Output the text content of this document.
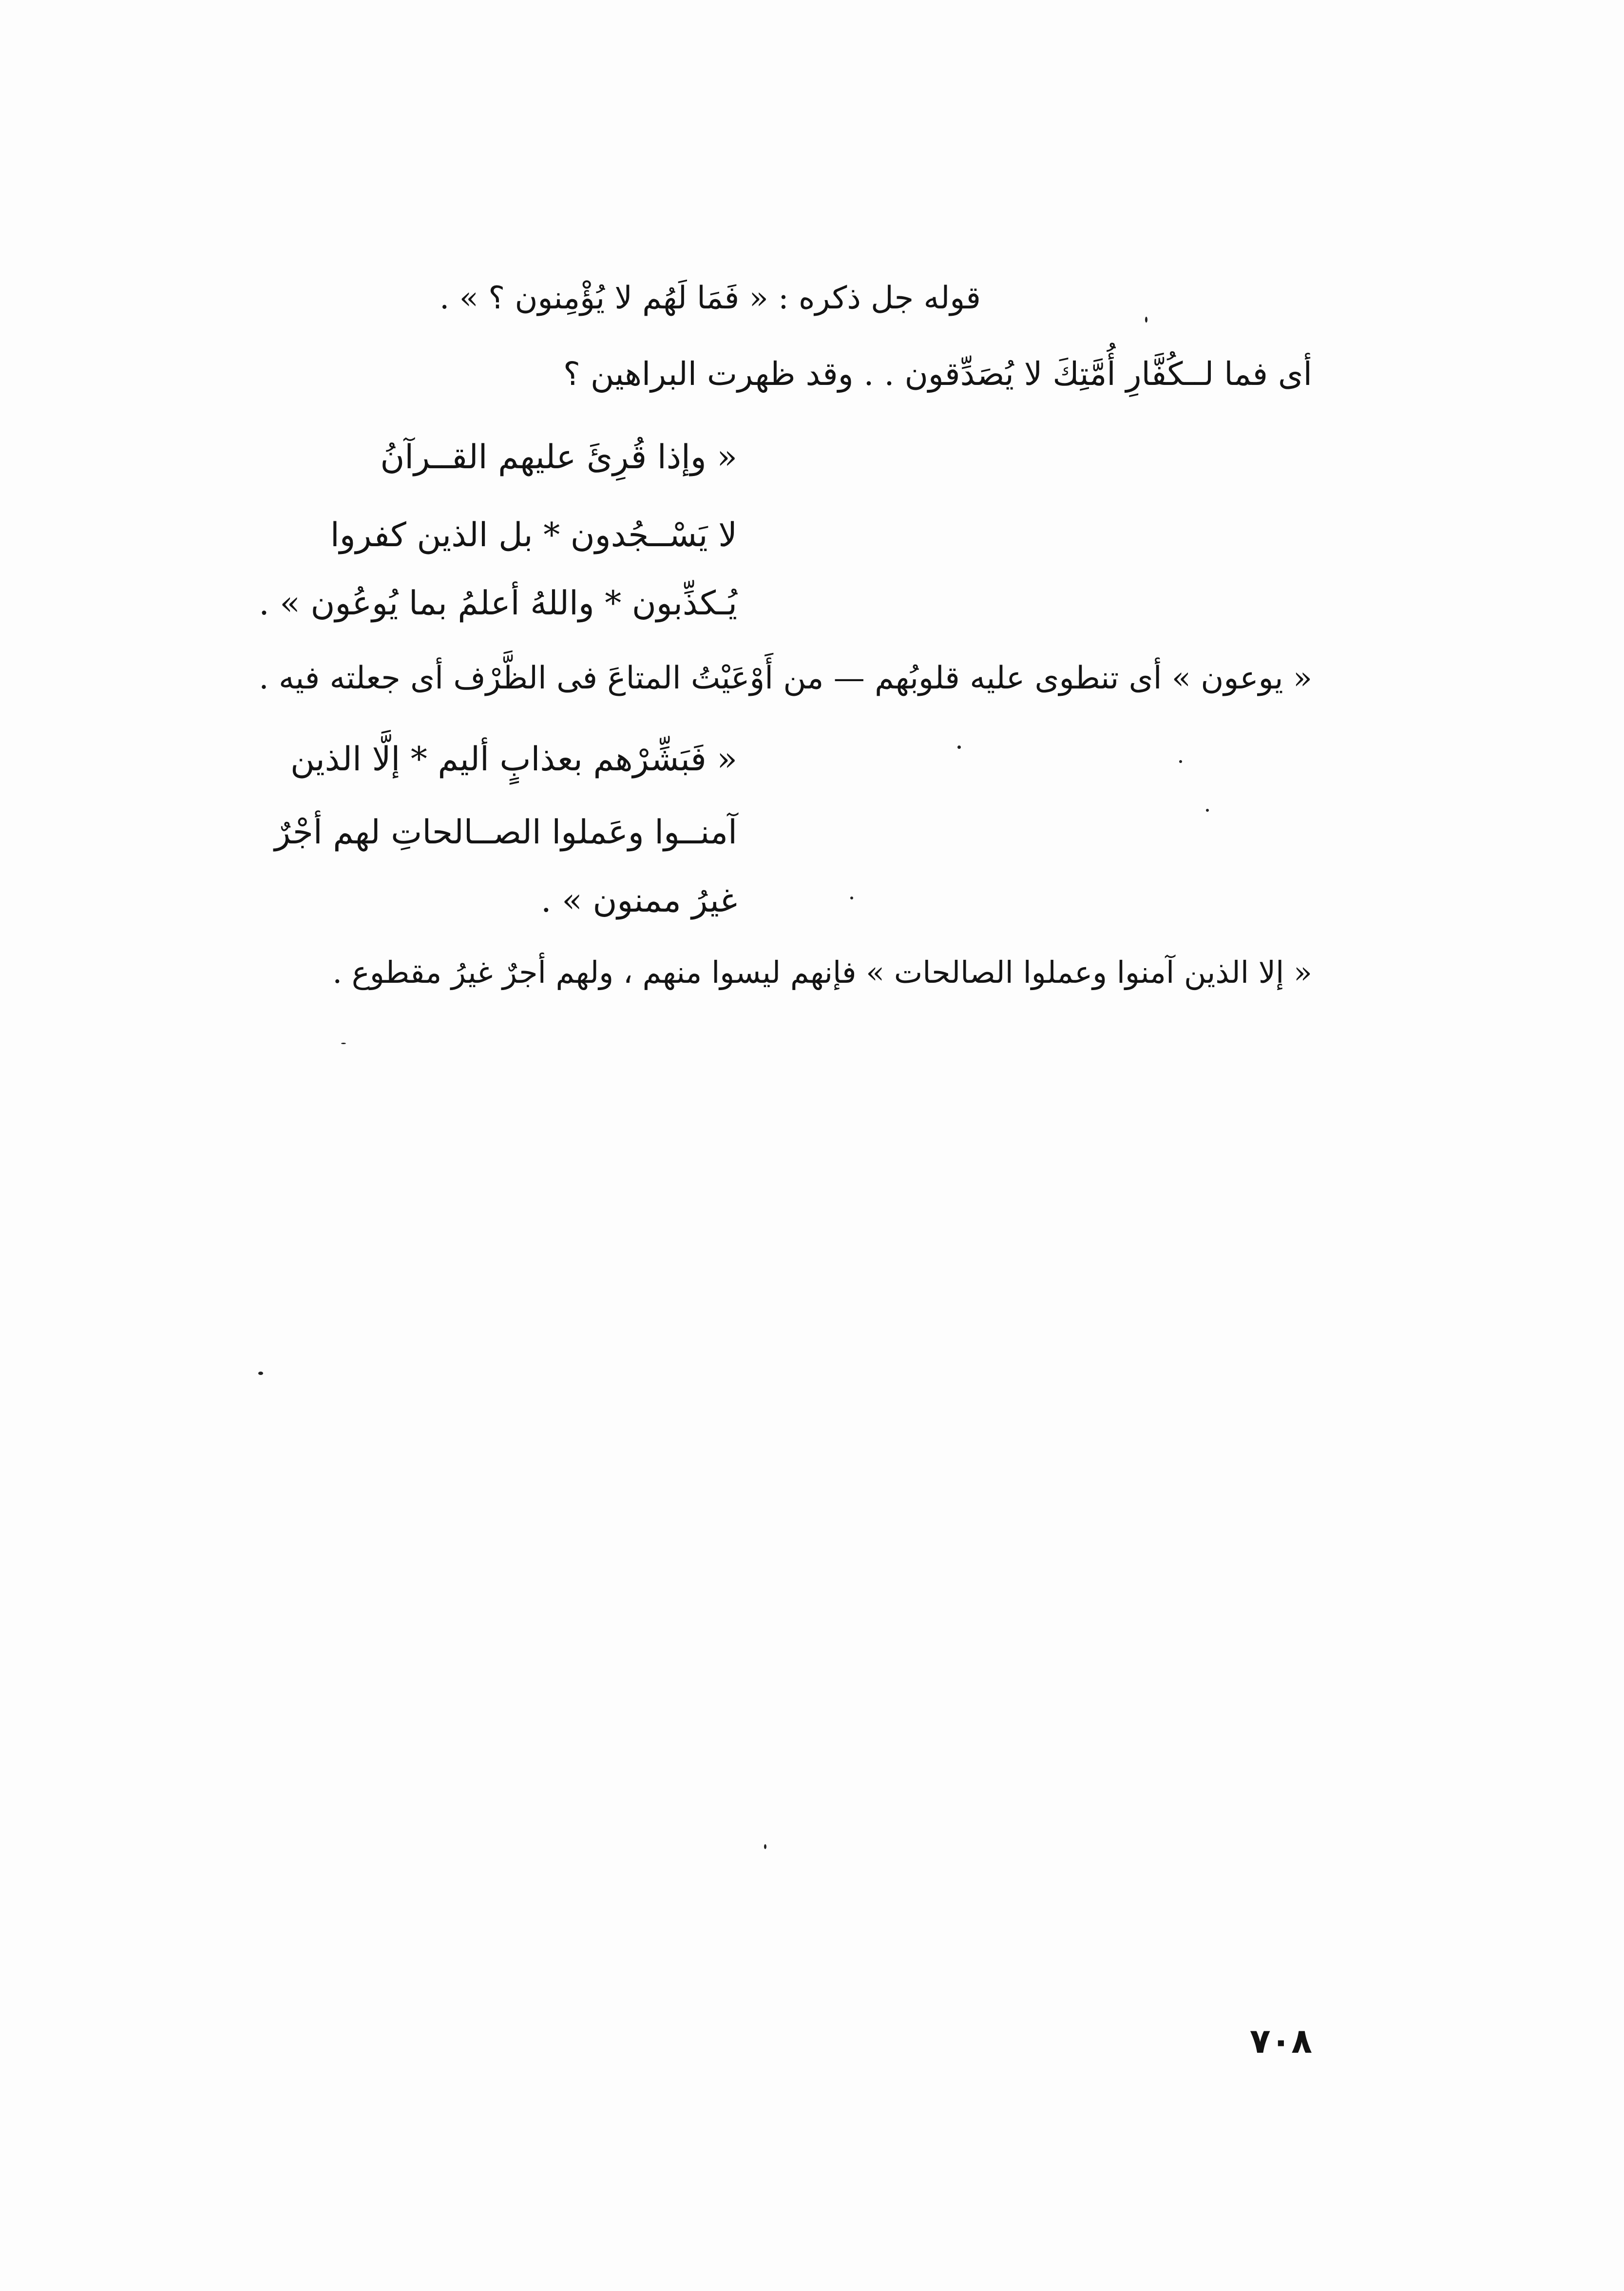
قوله جل ذكره : « فَمَا لَهُم لا يُؤْمِنون ؟ » .
أى فما لــكُفَّارِ أُمَّتِكَ لا يُصَدِّقون . . وقد ظهرت البراهين ؟
« وإذا قُرِئَ عليهم القــرآنُ
لا يَسْــجُدون * بل الذين كفروا
يُـكذِّبون * واللهُ أعلمُ بما يُوعُون » .
« يوعون » أى تنطوى عليه قلوبُهم — من أَوْعَيْتُ المتاعَ فى الظَّرْف أى جعلته فيه .
« فَبَشِّرْهم بعذابٍ أليم * إلَّا الذين
آمنــوا وعَملوا الصــالحاتِ لهم أجْرٌ
غيرُ ممنون » .
« إلا الذين آمنوا وعملوا الصالحات » فإنهم ليسوا منهم ، ولهم أجرٌ غيرُ مقطوع .
٧٠٨
